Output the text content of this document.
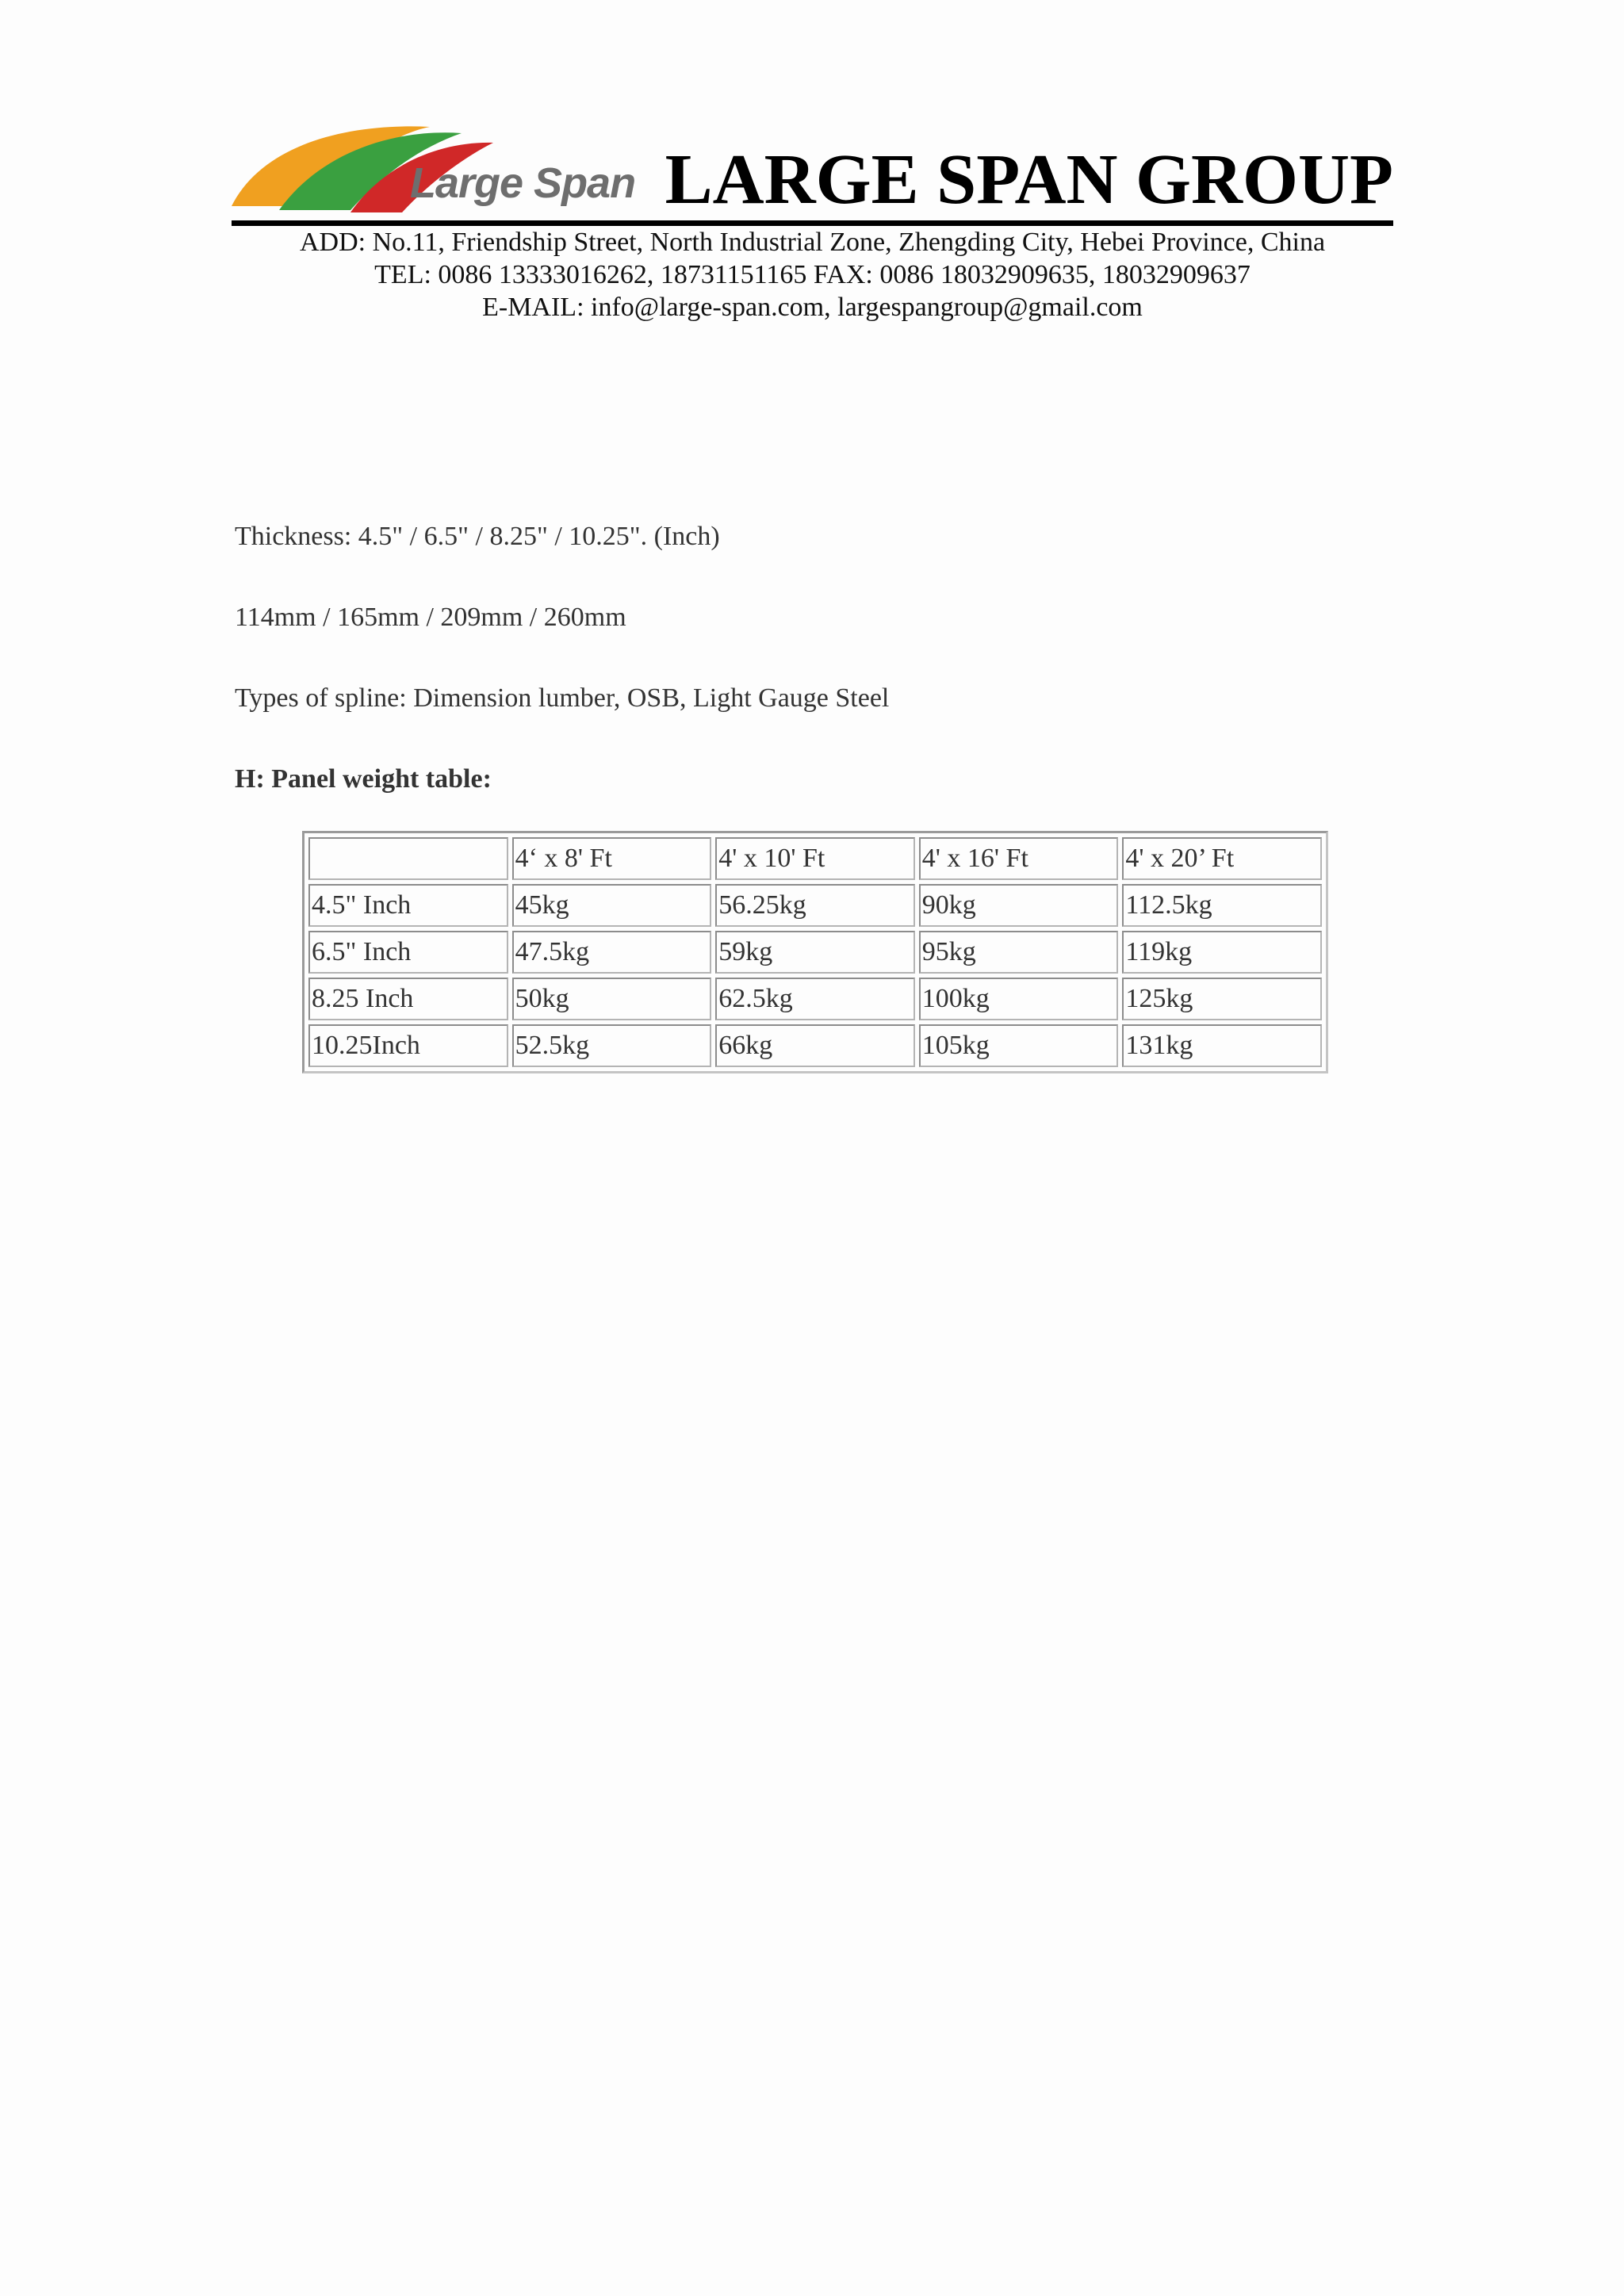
Large Span LARGE SPAN GROUP
ADD: No.11, Friendship Street, North Industrial Zone, Zhengding City, Hebei Province, China
TEL: 0086 13333016262, 18731151165 FAX: 0086 18032909635, 18032909637
E-MAIL: info@large-span.com, largespangroup@gmail.com
Thickness: 4.5" / 6.5" / 8.25" / 10.25". (Inch)
114mm / 165mm / 209mm / 260mm
Types of spline: Dimension lumber, OSB, Light Gauge Steel
H: Panel weight table:
	4‘ x 8' Ft	4' x 10' Ft	4' x 16' Ft	4' x 20’ Ft
4.5" Inch	45kg	56.25kg	90kg	112.5kg
6.5" Inch	47.5kg	59kg	95kg	119kg
8.25 Inch	50kg	62.5kg	100kg	125kg
10.25Inch	52.5kg	66kg	105kg	131kg
